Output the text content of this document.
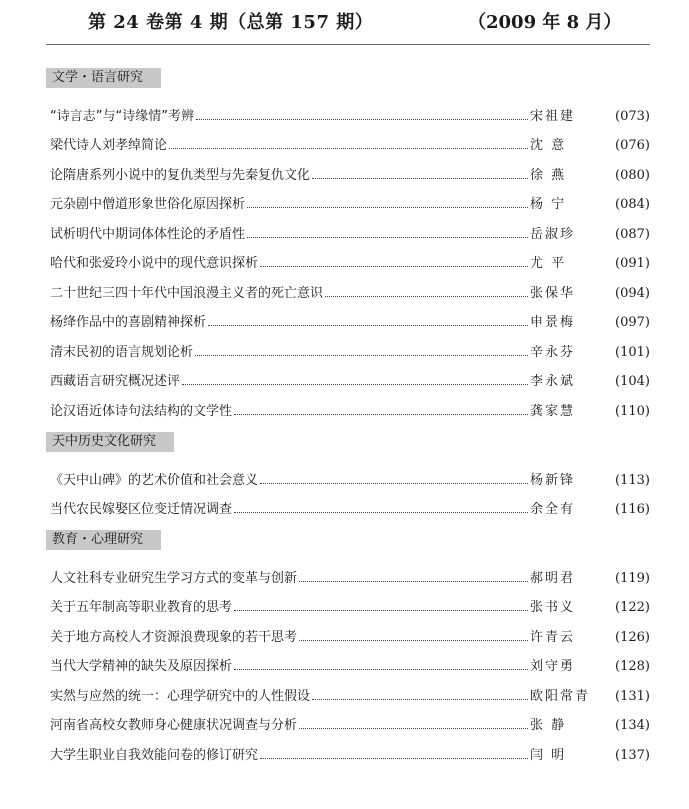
第 24 卷第 4 期（总第 157 期）	（2009 年 8 月）
文学・语言研究
“诗言志”与“诗缘情”考辨	宋祖建	(073)
梁代诗人刘孝绰简论	沈 意	(076)
论隋唐系列小说中的复仇类型与先秦复仇文化	徐 燕	(080)
元杂剧中僧道形象世俗化原因探析	杨 宁	(084)
试析明代中期词体体性论的矛盾性	岳淑珍	(087)
哈代和张爱玲小说中的现代意识探析	尤 平	(091)
二十世纪三四十年代中国浪漫主义者的死亡意识	张保华	(094)
杨绛作品中的喜剧精神探析	申景梅	(097)
清末民初的语言规划论析	辛永芬	(101)
西藏语言研究概况述评	李永斌	(104)
论汉语近体诗句法结构的文学性	龚家慧	(110)
天中历史文化研究
《天中山碑》的艺术价值和社会意义	杨新锋	(113)
当代农民嫁娶区位变迁情况调查	余全有	(116)
教育・心理研究
人文社科专业研究生学习方式的变革与创新	郝明君	(119)
关于五年制高等职业教育的思考	张书义	(122)
关于地方高校人才资源浪费现象的若干思考	许青云	(126)
当代大学精神的缺失及原因探析	刘守勇	(128)
实然与应然的统一：心理学研究中的人性假设	欧阳常青	(131)
河南省高校女教师身心健康状况调查与分析	张 静	(134)
大学生职业自我效能问卷的修订研究	闫 明	(137)
